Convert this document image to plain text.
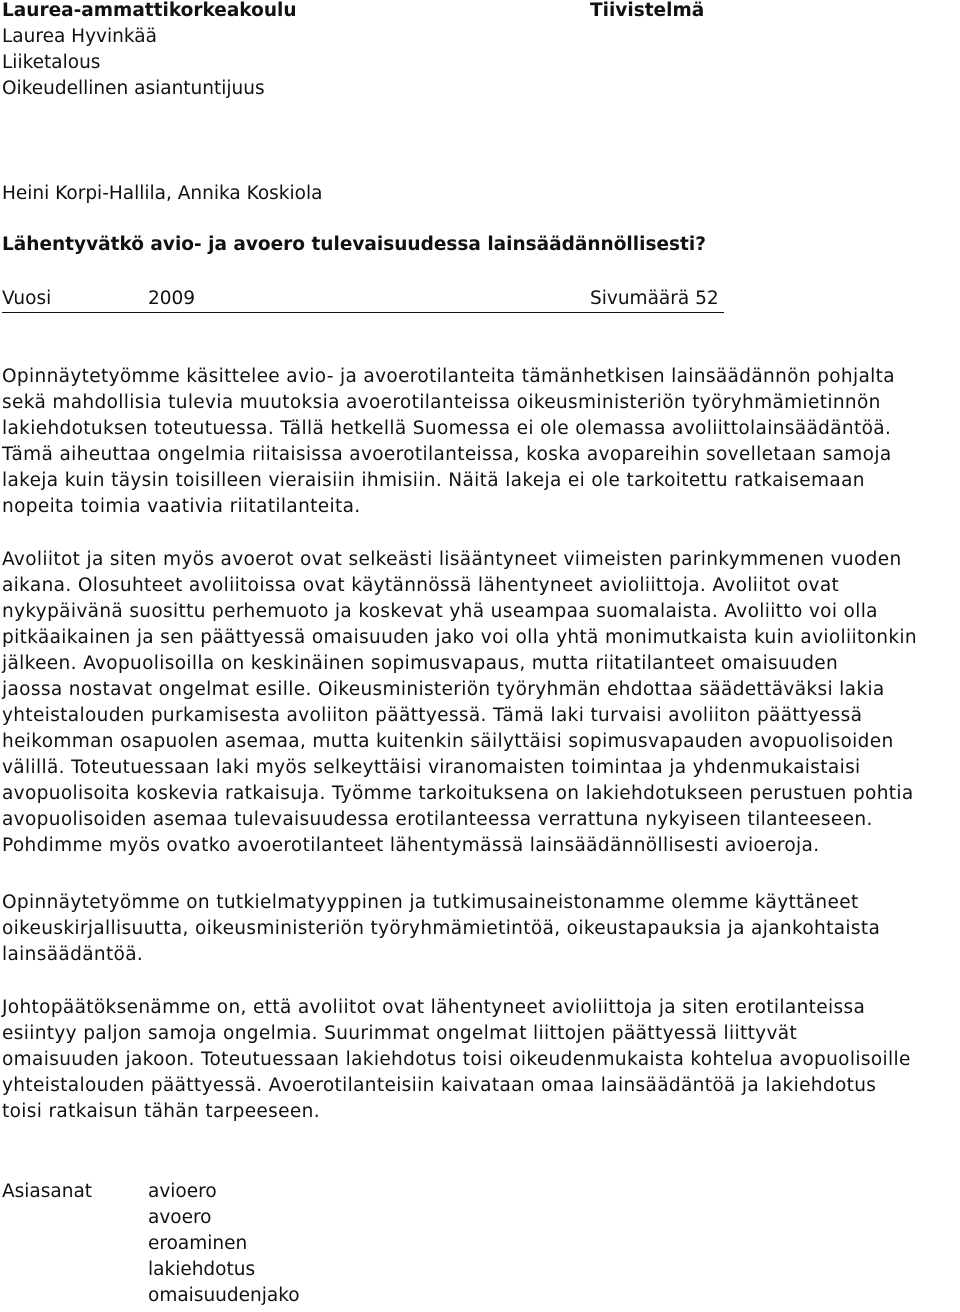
Laurea-ammattikorkeakoulu
Laurea Hyvinkää
Liiketalous
Oikeudellinen asiantuntijuus
Tiivistelmä
Heini Korpi-Hallila, Annika Koskiola
Lähentyvätkö avio- ja avoero tulevaisuudessa lainsäädännöllisesti?
Vuosi	2009	Sivumäärä 52
Opinnäytetyömme käsittelee avio- ja avoerotilanteita tämänhetkisen lainsäädännön pohjalta
sekä mahdollisia tulevia muutoksia avoerotilanteissa oikeusministeriön työryhmämietinnön
lakiehdotuksen toteutuessa. Tällä hetkellä Suomessa ei ole olemassa avoliittolainsäädäntöä.
Tämä aiheuttaa ongelmia riitaisissa avoerotilanteissa, koska avopareihin sovelletaan samoja
lakeja kuin täysin toisilleen vieraisiin ihmisiin. Näitä lakeja ei ole tarkoitettu ratkaisemaan
nopeita toimia vaativia riitatilanteita.
Avoliitot ja siten myös avoerot ovat selkeästi lisääntyneet viimeisten parinkymmenen vuoden
aikana. Olosuhteet avoliitoissa ovat käytännössä lähentyneet avioliittoja. Avoliitot ovat
nykypäivänä suosittu perhemuoto ja koskevat yhä useampaa suomalaista. Avoliitto voi olla
pitkäaikainen ja sen päättyessä omaisuuden jako voi olla yhtä monimutkaista kuin avioliitonkin
jälkeen. Avopuolisoilla on keskinäinen sopimusvapaus, mutta riitatilanteet omaisuuden
jaossa nostavat ongelmat esille. Oikeusministeriön työryhmän ehdottaa säädettäväksi lakia
yhteistalouden purkamisesta avoliiton päättyessä. Tämä laki turvaisi avoliiton päättyessä
heikomman osapuolen asemaa, mutta kuitenkin säilyttäisi sopimusvapauden avopuolisoiden
välillä. Toteutuessaan laki myös selkeyttäisi viranomaisten toimintaa ja yhdenmukaistaisi
avopuolisoita koskevia ratkaisuja. Työmme tarkoituksena on lakiehdotukseen perustuen pohtia
avopuolisoiden asemaa tulevaisuudessa erotilanteessa verrattuna nykyiseen tilanteeseen.
Pohdimme myös ovatko avoerotilanteet lähentymässä lainsäädännöllisesti avioeroja.
Opinnäytetyömme on tutkielmatyyppinen ja tutkimusaineistonamme olemme käyttäneet
oikeuskirjallisuutta, oikeusministeriön työryhmämietintöä, oikeustapauksia ja ajankohtaista
lainsäädäntöä.
Johtopäätöksenämme on, että avoliitot ovat lähentyneet avioliittoja ja siten erotilanteissa
esiintyy paljon samoja ongelmia. Suurimmat ongelmat liittojen päättyessä liittyvät
omaisuuden jakoon. Toteutuessaan lakiehdotus toisi oikeudenmukaista kohtelua avopuolisoille
yhteistalouden päättyessä. Avoerotilanteisiin kaivataan omaa lainsäädäntöä ja lakiehdotus
toisi ratkaisun tähän tarpeeseen.
Asiasanat	avioero
avoero
eroaminen
lakiehdotus
omaisuudenjako
